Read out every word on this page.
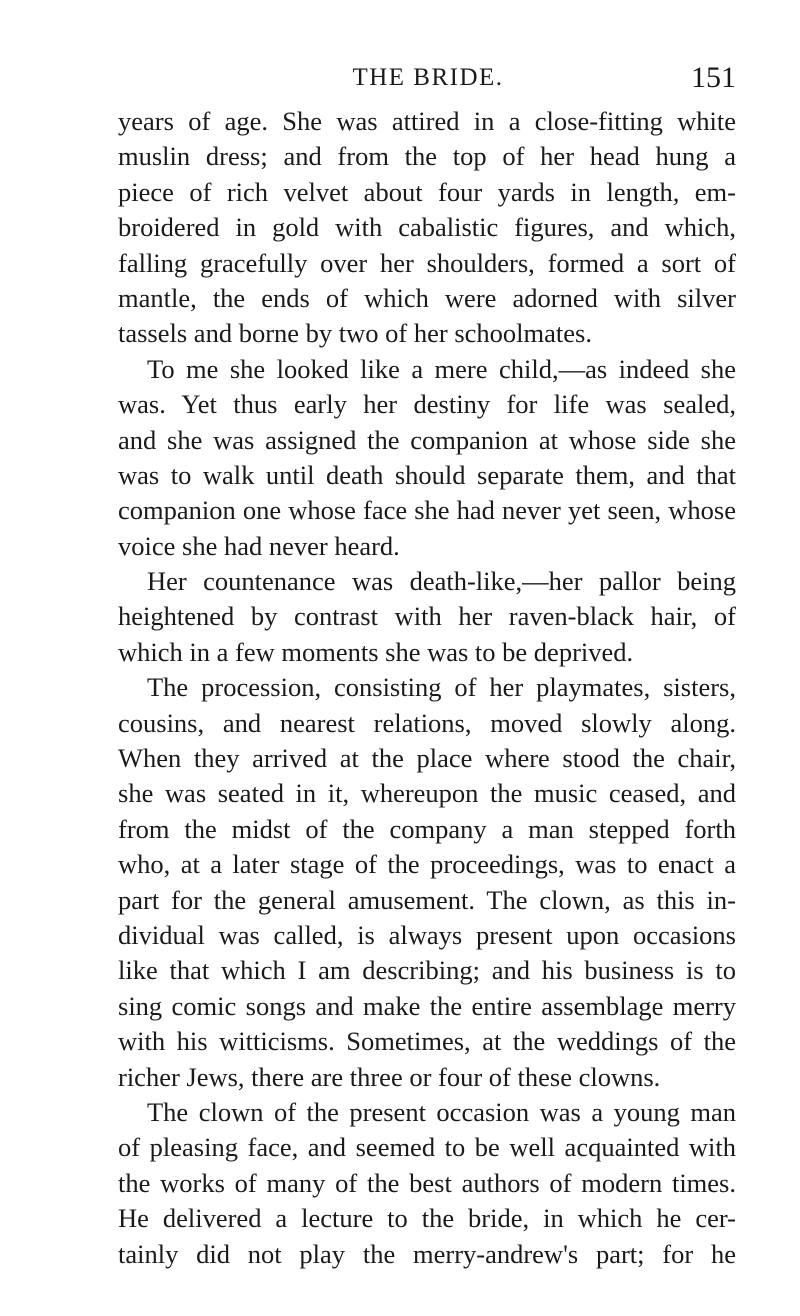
THE BRIDE.	151
years of age. She was attired in a close-fitting white
muslin dress; and from the top of her head hung a
piece of rich velvet about four yards in length, em-
broidered in gold with cabalistic figures, and which,
falling gracefully over her shoulders, formed a sort of
mantle, the ends of which were adorned with silver
tassels and borne by two of her schoolmates.
To me she looked like a mere child,—as indeed she
was. Yet thus early her destiny for life was sealed,
and she was assigned the companion at whose side she
was to walk until death should separate them, and that
companion one whose face she had never yet seen, whose
voice she had never heard.
Her countenance was death-like,—her pallor being
heightened by contrast with her raven-black hair, of
which in a few moments she was to be deprived.
The procession, consisting of her playmates, sisters,
cousins, and nearest relations, moved slowly along.
When they arrived at the place where stood the chair,
she was seated in it, whereupon the music ceased, and
from the midst of the company a man stepped forth
who, at a later stage of the proceedings, was to enact a
part for the general amusement. The clown, as this in-
dividual was called, is always present upon occasions
like that which I am describing; and his business is to
sing comic songs and make the entire assemblage merry
with his witticisms. Sometimes, at the weddings of the
richer Jews, there are three or four of these clowns.
The clown of the present occasion was a young man
of pleasing face, and seemed to be well acquainted with
the works of many of the best authors of modern times.
He delivered a lecture to the bride, in which he cer-
tainly did not play the merry-andrew's part; for he
